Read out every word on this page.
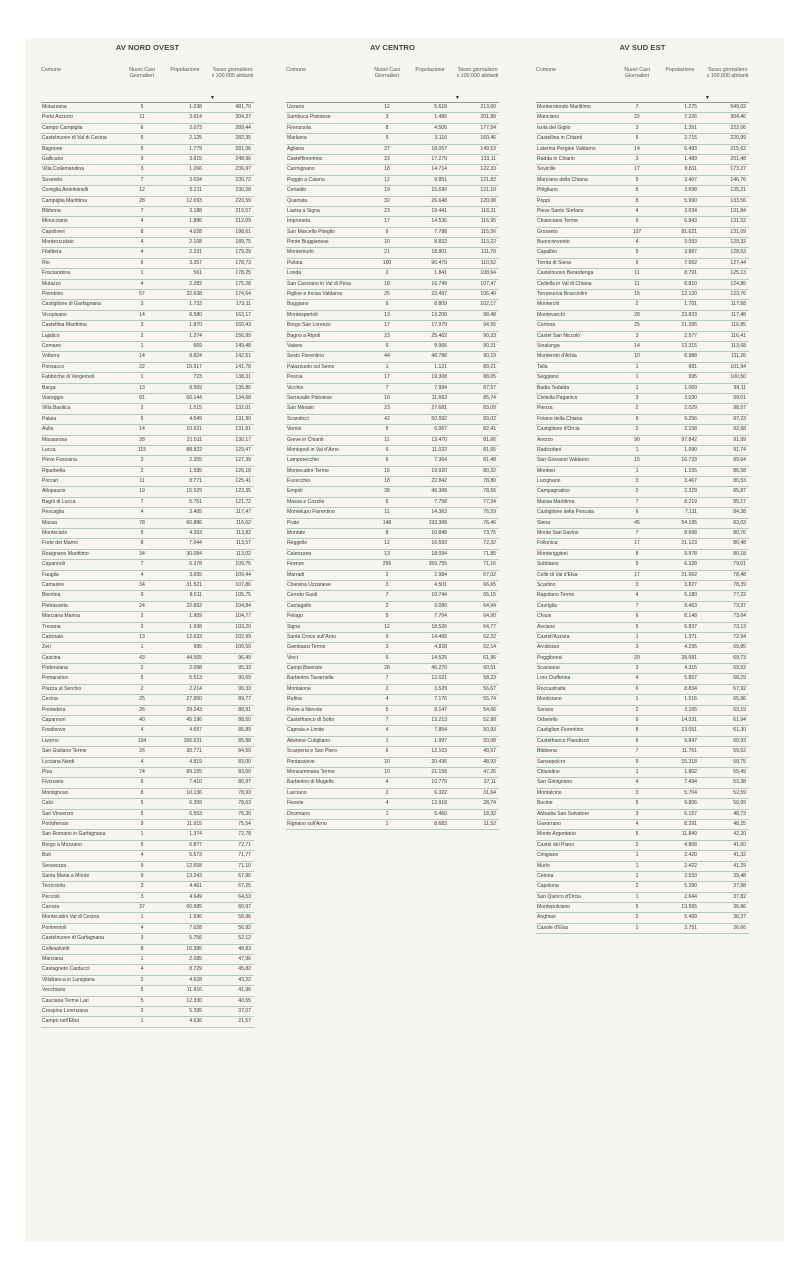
AV NORD OVEST
Comune	Nuovi Casi Giornalieri
Popolazione	Tasso giornaliero x 100.000 abitanti
▼
Molazzana	5	1.038	481,70
Porto Azzurro	11	3.614	304,37
Campo Campiglia	6	2.073	289,44
Castelnuovo di Val di Cecina	6	2.125	282,35
Bagnone	5	1.779	281,06
Gallicano	9	3.615	248,96
Villa Collemandina	3	1.266	236,97
Suvereto	7	3.034	230,72
Coreglia Antelminelli	12	5.211	230,28
Campiglia Marittima	28	12.693	220,59
Bibbona	7	3.188	219,57
Minucciano	4	1.886	212,09
Capoliveri	8	4.028	198,61
Montescudaio	4	2.108	189,75
Filattiera	4	2.231	179,29
Rio	6	3.357	178,73
Fosciandora	1	561	178,25
Mulazzo	4	2.282	175,28
Piombino	57	32.638	174,64
Castiglione di Garfagnana	3	1.733	173,11
Vicopisano	14	8.580	163,17
Castellina Marittima	3	1.870	160,43
Lajatico	2	1.274	156,99
Comano	1	669	149,48
Volterra	14	9.824	142,51
Ponsacco	22	15.517	141,78
Fabbriche di Vergemoli	1	723	138,31
Barga	13	9.569	135,86
Viareggio	81	60.144	134,68
Villa Basilica	2	1.515	132,01
Palaia	6	4.549	131,90
Aulla	14	10.621	131,81
Massarosa	28	21.511	130,17
Lucca	115	88.822	129,47
Pieve Fosciana	3	2.355	127,39
Riparbella	2	1.585	126,18
Porcari	11	8.771	125,41
Altopascio	19	15.529	122,35
Bagni di Lucca	7	5.751	121,72
Pescaglia	4	3.405	117,47
Massa	78	66.886	116,62
Montecarlo	5	4.393	113,82
Forte dei Marmi	8	7.044	113,57
Rosignano Marittimo	34	30.084	113,02
Capannoli	7	6.378	109,75
Fauglia	4	3.655	109,44
Camaiore	34	31.521	107,86
Bientina	9	8.511	105,75
Pietrasanta	24	22.892	104,84
Marciana Marina	2	1.909	104,77
Tresana	2	1.938	103,20
Calcinaia	13	12.623	102,99
Zeri	1	995	100,50
Cascina	43	44.565	96,49
Podenzana	2	2.098	95,33
Pomarance	5	5.513	90,69
Piazza al Serchio	2	2.214	90,33
Cecina	25	27.850	89,77
Pontedera	26	29.243	88,91
Capannori	40	45.196	88,50
Fosdinovo	4	4.657	85,89
Livorno	134	156.031	85,88
San Giuliano Terme	26	30.771	84,50
Licciana Nardi	4	4.819	83,00
Pisa	74	89.155	83,00
Fivizzano	6	7.410	80,97
Montignoso	8	10.136	78,93
Calci	5	6.359	78,63
San Vincenzo	5	6.553	76,30
Portoferraio	9	11.915	75,54
San Romano in Garfagnana	1	1.374	72,78
Borgo a Mozzano	5	6.877	72,71
Buti	4	5.573	71,77
Seravezza	9	12.658	71,10
Santa Maria a Monte	9	13.243	67,96
Terricciola	3	4.461	67,25
Peccioli	3	4.649	64,53
Carrara	37	60.685	60,97
Montecatini Val di Cecina	1	1.696	58,96
Pontremoli	4	7.028	56,92
Castelnuovo di Garfagnana	3	5.756	52,12
Collesalvetti	8	16.385	48,83
Marciana	1	2.085	47,96
Castagneto Carducci	4	8.729	45,82
Villafranca in Lunigiana	2	4.628	43,22
Vecchiano	5	11.916	41,96
Casciana Terme Lari	5	12.330	40,55
Crespina Lorenzana	2	5.395	37,07
Campo nell'Elba	1	4.636	21,57
AV CENTRO
Comune	Nuovi Casi Giornalieri
Popolazione	Tasso giornaliero x 100.000 abitanti
▼
Uzzano	12	5.618	213,60
Sambuca Pistoiese	3	1.486	201,88
Firenzuola	8	4.506	177,54
Marliana	5	3.116	160,46
Agliana	27	18.057	149,53
Castelfiorentino	23	17.279	133,11
Carmignano	18	14.714	122,33
Poggio a Caiano	12	9.851	121,82
Certaldo	19	15.690	121,10
Quarrata	32	26.648	120,08
Lastra a Signa	23	19.441	118,31
Impruneta	17	14.536	116,95
San Marcello Piteglio	9	7.788	115,56
Ponte Buggianese	10	8.832	113,22
Montemurlo	21	18.801	111,70
Pistoia	100	90.479	110,52
Londa	2	1.841	108,64
San Casciano in Val di Pesa	18	16.749	107,47
Figline e Incisa Valdarno	25	23.497	106,40
Buggiano	9	8.809	102,17
Montespertoli	13	13.200	98,48
Borgo San Lorenzo	17	17.979	94,55
Bagno a Ripoli	23	25.462	90,33
Vaiano	9	9.966	90,31
Sesto Fiorentino	44	48.788	90,19
Palazzuolo sul Senio	1	1.121	89,21
Pescia	17	19.308	88,05
Vicchio	7	7.994	87,57
Serravalle Pistoiese	10	11.663	85,74
San Miniato	23	27.681	83,09
Scandicci	42	50.592	83,02
Vernio	5	6.067	82,41
Greve in Chianti	11	13.470	81,66
Montopoli in Val d'Arno	9	11.022	81,65
Lamporecchio	6	7.364	81,48
Montecatini-Terme	16	19.920	80,32
Fucecchio	18	22.842	78,80
Empoli	38	48.368	78,56
Massa e Cozzile	6	7.758	77,34
Montelupo Fiorentino	11	14.363	76,59
Prato	148	193.368	76,46
Montale	8	10.848	73,75
Reggello	12	16.593	72,32
Calenzano	13	18.094	71,85
Firenze	256	359.755	71,16
Marradi	2	2.984	67,02
Chiesina Uzzanese	3	4.501	66,65
Cerreto Guidi	7	10.744	65,15
Cantagallo	2	3.080	64,94
Pelago	5	7.704	64,90
Signa	12	18.526	64,77
Santa Croce sull'Arno	9	14.465	62,22
Gambassi Terme	3	4.828	62,14
Vinci	9	14.525	61,96
Campi Bisenzio	28	46.270	60,51
Barberino Tavarnelle	7	12.021	58,23
Montaione	2	3.529	56,67
Rufina	4	7.176	55,74
Pieve a Nievole	5	9.147	54,66
Castelfranco di Sotto	7	13.213	52,98
Capraia e Limite	4	7.854	50,93
Abetone Cutigliano	1	1.997	50,08
Scarperia e San Piero	6	12.103	49,57
Pontassieve	10	20.436	48,93
Monsummano Terme	10	21.158	47,26
Barberino di Mugello	4	10.779	37,11
Larciano	2	6.322	31,64
Fiesole	4	13.918	28,74
Dicomano	1	5.460	18,32
Rignano sull'Arno	1	8.683	11,52
AV SUD EST
Comune	Nuovi Casi Giornalieri
Popolazione	Tasso giornaliero x 100.000 abitanti
▼
Monterotondo Marittimo	7	1.275	549,02
Manciano	22	7.226	304,46
Isola del Giglio	3	1.351	222,06
Castellina in Chianti	6	2.715	220,99
Laterina Pergine Valdarno	14	6.493	215,62
Radda in Chianti	3	1.489	201,48
Sovicille	17	9.811	173,27
Marciano della Chiana	5	3.407	146,76
Pitigliano	5	3.698	135,21
Poppi	8	5.990	133,56
Pieve Santo Stefano	4	3.034	131,84
Chianciano Terme	9	6.843	131,52
Grosseto	107	81.621	131,09
Buonconvento	4	3.093	129,32
Capalbio	5	3.887	128,63
Torrita di Siena	9	7.062	127,44
Castelnuovo Berardenga	11	8.791	125,13
Civitella in Val di Chiana	11	8.810	124,86
Terranuova Bracciolini	15	12.120	123,76
Monterchi	2	1.701	117,58
Montevarchi	28	23.833	117,48
Cortona	25	21.395	116,85
Castel San Niccolò	3	2.577	116,41
Sinalunga	14	12.315	113,68
Monteroni d'Arbia	10	8.988	111,26
Talla	1	981	101,94
Seggiano	1	995	100,50
Badia Tedalda	1	1.009	99,11
Civitella Paganico	3	3.030	99,01
Pienza	2	2.029	98,57
Foiano della Chiana	9	9.256	97,23
Castiglione d'Orcia	2	2.158	92,68
Arezzo	90	97.842	91,99
Radicofani	1	1.090	91,74
San Giovanni Valdarno	15	16.733	89,64
Montieri	1	1.155	86,58
Lucignano	3	3.467	86,53
Campagnatico	2	2.329	85,87
Massa Marittima	7	8.219	85,17
Castiglione della Pescaia	6	7.111	84,38
Siena	45	54.195	83,03
Monte San Savino	7	8.668	80,76
Follonica	17	21.123	80,48
Monteriggioni	8	9.978	80,18
Subbiano	5	6.328	79,01
Colle di Val d'Elsa	17	21.662	78,48
Scarlino	3	3.827	78,39
Rapolano Terme	4	5.180	77,22
Cavriglia	7	9.463	73,97
Chiusi	6	8.148	73,64
Asciano	5	6.837	73,13
Castell'Azzara	1	1.371	72,94
Arcidosso	3	4.295	69,85
Poggibonsi	20	28.681	69,73
Scansano	3	4.315	69,52
Loro Ciuffenna	4	5.857	68,29
Roccastrada	6	8.834	67,92
Monticiano	1	1.516	65,96
Sorano	2	3.165	63,19
Orbetello	9	14.531	61,94
Castiglion Fiorentino	8	13.051	61,30
Castelfranco Piandiscò	6	9.847	60,93
Bibbiena	7	11.761	59,52
Sansepolcro	9	15.318	58,75
Chiusdino	1	1.802	55,49
San Gimignano	4	7.494	53,38
Montalcino	3	5.704	52,59
Bucine	5	9.806	50,99
Abbadia San Salvatore	3	6.157	48,73
Gavorrano	4	8.291	48,25
Monte Argentario	5	11.849	42,20
Castel del Piano	2	4.808	41,60
Cinigiano	1	2.420	41,32
Murlo	1	2.422	41,29
Cetona	1	2.533	39,48
Capolona	2	5.280	37,88
San Quirico d'Orcia	1	2.644	37,82
Montepulciano	5	13.565	36,86
Anghiari	2	5.499	36,37
Casole d'Elsa	1	3.751	26,66
